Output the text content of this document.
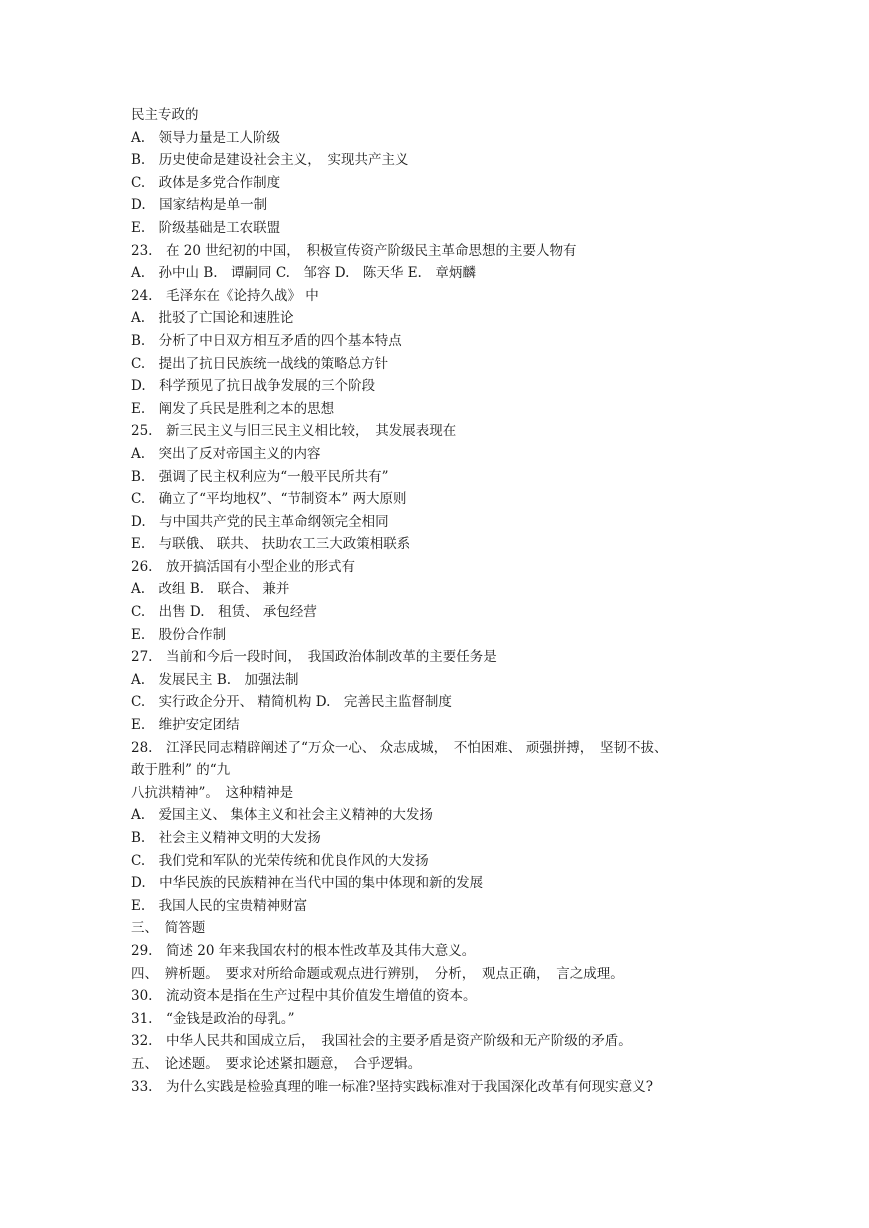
民主专政的
A.　领导力量是工人阶级
B.　历史使命是建设社会主义，　实现共产主义
C.　政体是多党合作制度
D.　国家结构是单一制
E.　阶级基础是工农联盟
23.　在 20 世纪初的中国，　积极宣传资产阶级民主革命思想的主要人物有
A.　孙中山 B.　谭嗣同 C.　邹容 D.　陈天华 E.　章炳麟
24.　毛泽东在《论持久战》 中
A.　批驳了亡国论和速胜论
B.　分析了中日双方相互矛盾的四个基本特点
C.　提出了抗日民族统一战线的策略总方针
D.　科学预见了抗日战争发展的三个阶段
E.　阐发了兵民是胜利之本的思想
25.　新三民主义与旧三民主义相比较，　其发展表现在
A.　突出了反对帝国主义的内容
B.　强调了民主权利应为“一般平民所共有”
C.　确立了“平均地权”、“节制资本” 两大原则
D.　与中国共产党的民主革命纲领完全相同
E.　与联俄、 联共、 扶助农工三大政策相联系
26.　放开搞活国有小型企业的形式有
A.　改组 B.　联合、 兼并
C.　出售 D.　租赁、 承包经营
E.　股份合作制
27.　当前和今后一段时间，　我国政治体制改革的主要任务是
A.　发展民主 B.　加强法制
C.　实行政企分开、 精简机构 D.　完善民主监督制度
E.　维护安定团结
28.　江泽民同志精辟阐述了“万众一心、 众志成城，　不怕困难、 顽强拼搏，　坚韧不拔、
敢于胜利” 的“九
八抗洪精神”。　这种精神是
A.　爱国主义、 集体主义和社会主义精神的大发扬
B.　社会主义精神文明的大发扬
C.　我们党和军队的光荣传统和优良作风的大发扬
D.　中华民族的民族精神在当代中国的集中体现和新的发展
E.　我国人民的宝贵精神财富
三、　简答题
29.　简述 20 年来我国农村的根本性改革及其伟大意义。
四、　辨析题。　要求对所给命题或观点进行辨别，　分析，　观点正确，　言之成理。
30.　流动资本是指在生产过程中其价值发生增值的资本。
31.　“金钱是政治的母乳。”
32.　中华人民共和国成立后，　我国社会的主要矛盾是资产阶级和无产阶级的矛盾。
五、　论述题。　要求论述紧扣题意，　合乎逻辑。
33.　为什么实践是检验真理的唯一标准?坚持实践标准对于我国深化改革有何现实意义?
